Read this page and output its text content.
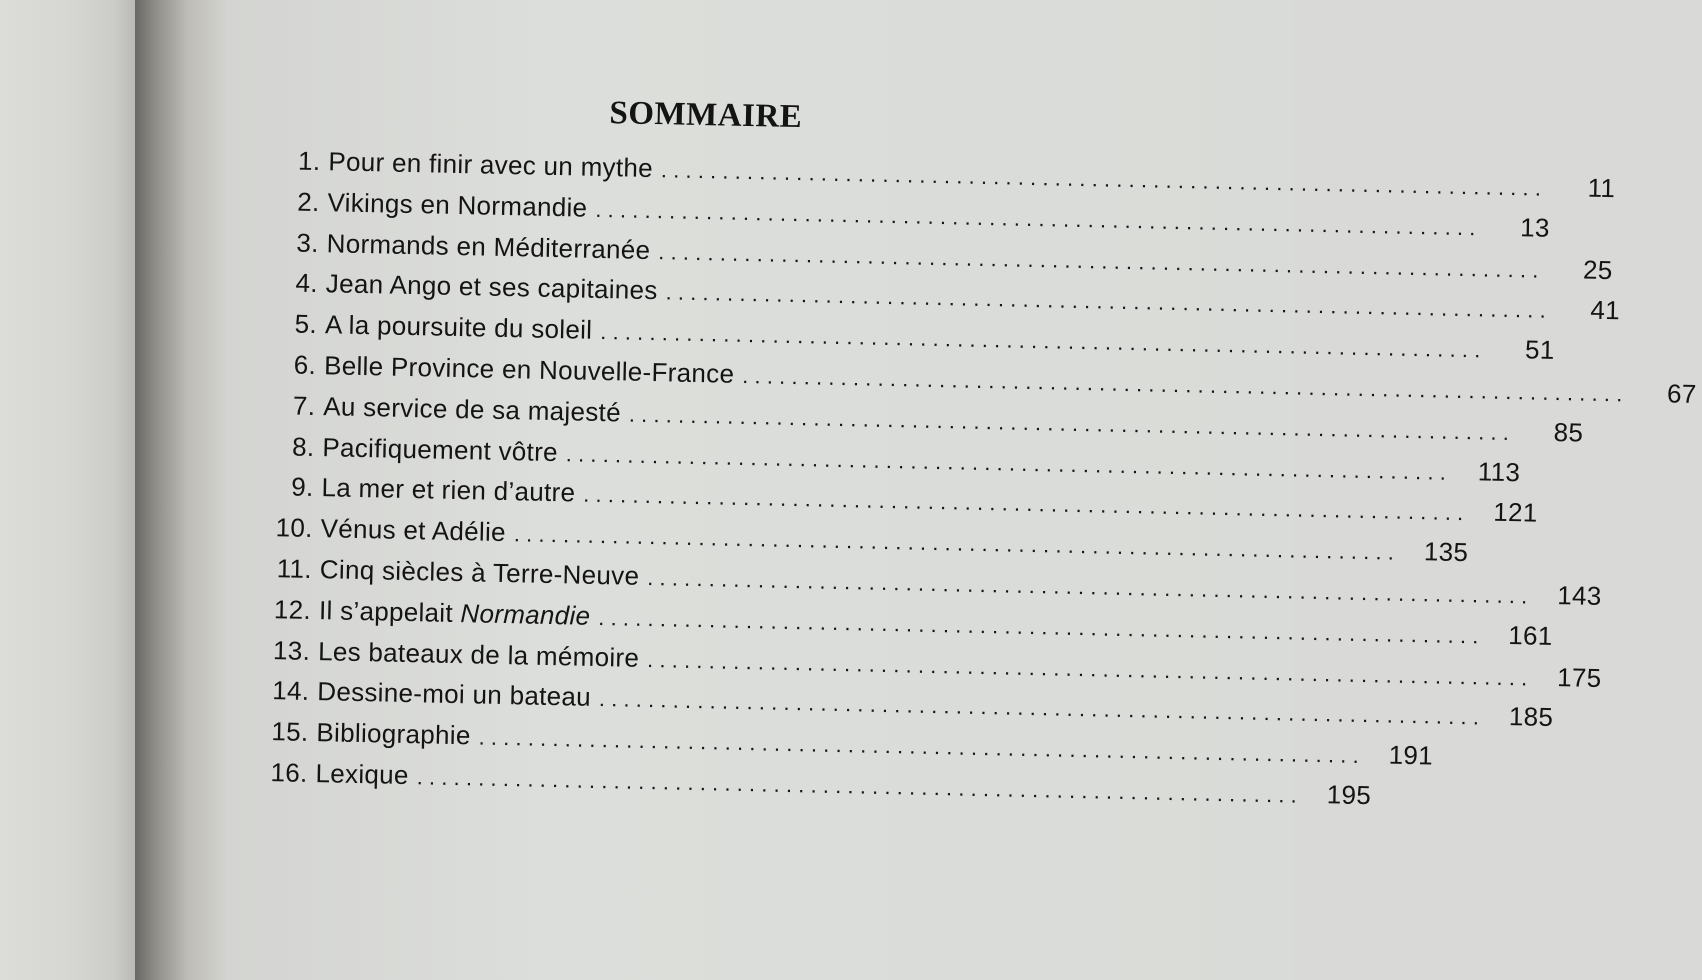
SOMMAIRE
1. Pour en finir avec un mythe ........................................................................	11
2. Vikings en Normandie ........................................................................	13
3. Normands en Méditerranée ........................................................................	25
4. Jean Ango et ses capitaines ........................................................................	41
5. A la poursuite du soleil ........................................................................	51
6. Belle Province en Nouvelle-France ........................................................................	67
7. Au service de sa majesté ........................................................................	85
8. Pacifiquement vôtre ........................................................................ 113
9. La mer et rien d’autre ........................................................................ 121
10. Vénus et Adélie ........................................................................ 135
11. Cinq siècles à Terre-Neuve ........................................................................ 143
12. Il s’appelait Normandie ........................................................................ 161
13. Les bateaux de la mémoire ........................................................................ 175
14. Dessine-moi un bateau ........................................................................ 185
15. Bibliographie ........................................................................ 191
16. Lexique ........................................................................ 195
